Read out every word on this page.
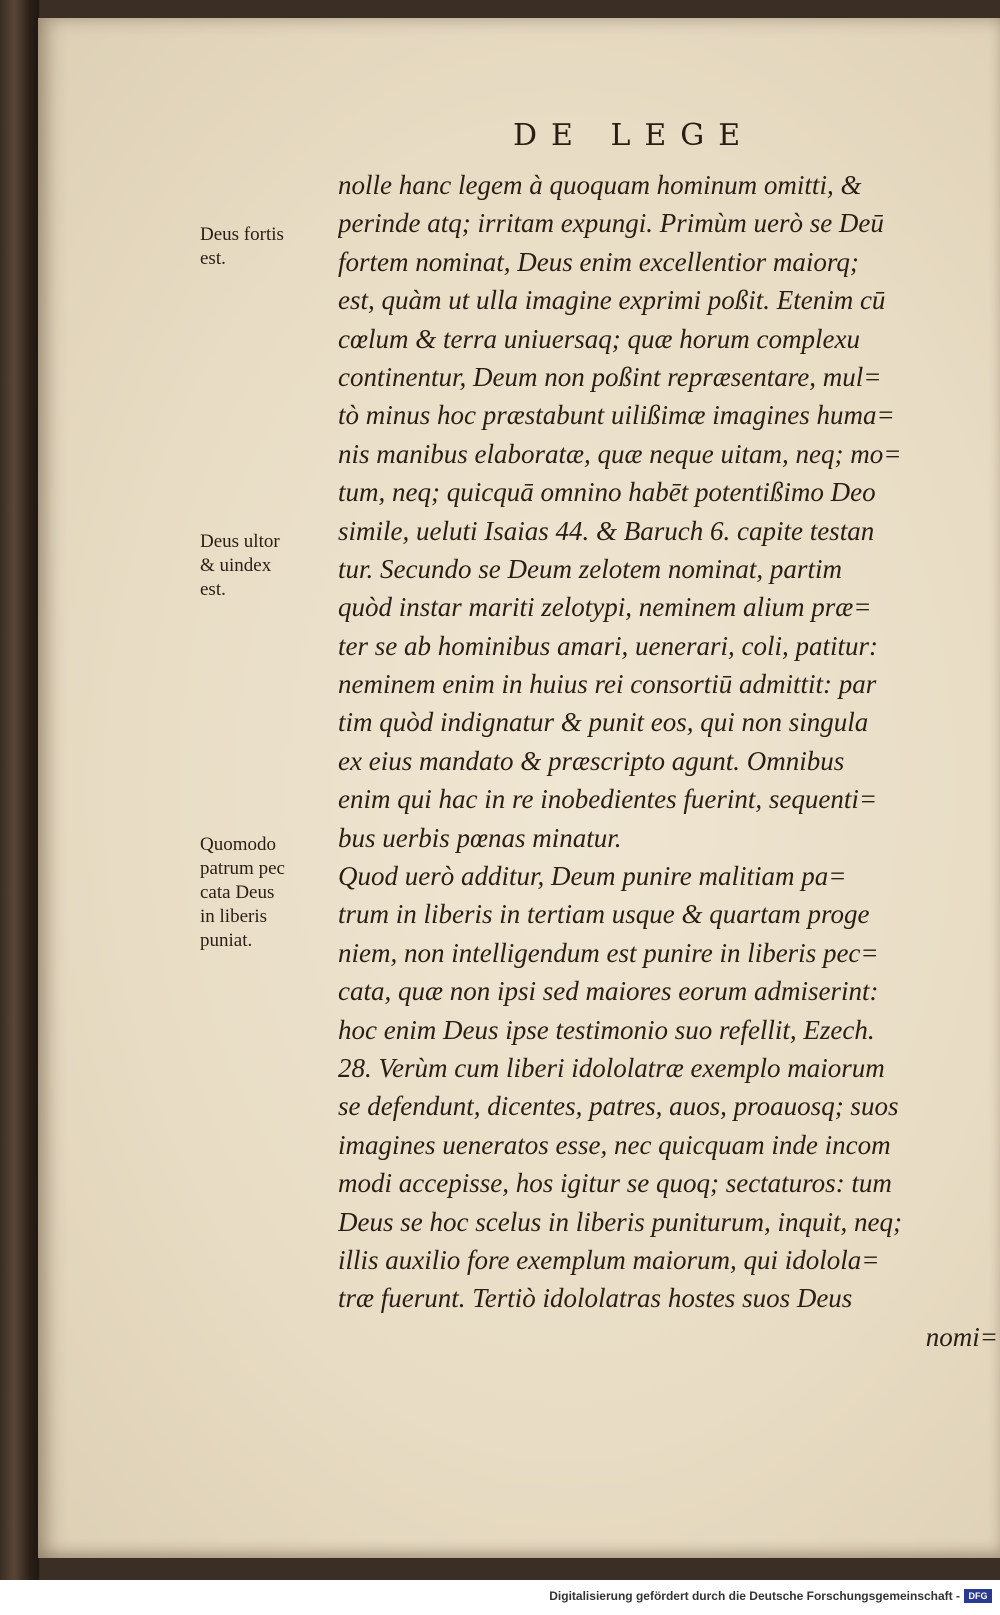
DE LEGE
nolle hanc legem à quoquam hominum omitti, &
perinde atq; irritam expungi. Primùm uerò se Deū
fortem nominat, Deus enim excellentior maiorq;
est, quàm ut ulla imagine exprimi poßit. Etenim cū
cœlum & terra uniuersaq; quæ horum complexu
continentur, Deum non poßint repræsentare, mul=
tò minus hoc præstabunt uilißimæ imagines huma=
nis manibus elaboratæ, quæ neque uitam, neq; mo=
tum, neq; quicquā omnino habēt potentißimo Deo
simile, ueluti Isaias 44. & Baruch 6. capite testan
tur. Secundo se Deum zelotem nominat, partim
quòd instar mariti zelotypi, neminem alium præ=
ter se ab hominibus amari, uenerari, coli, patitur:
neminem enim in huius rei consortiū admittit: par
tim quòd indignatur & punit eos, qui non singula
ex eius mandato & præscripto agunt. Omnibus
enim qui hac in re inobedientes fuerint, sequenti=
bus uerbis pœnas minatur.
Quod uerò additur, Deum punire malitiam pa=
trum in liberis in tertiam usque & quartam proge
niem, non intelligendum est punire in liberis pec=
cata, quæ non ipsi sed maiores eorum admiserint:
hoc enim Deus ipse testimonio suo refellit, Ezech.
28. Verùm cum liberi idololatræ exemplo maiorum
se defendunt, dicentes, patres, auos, proauosq; suos
imagines ueneratos esse, nec quicquam inde incom
modi accepisse, hos igitur se quoq; sectaturos: tum
Deus se hoc scelus in liberis puniturum, inquit, neq;
illis auxilio fore exemplum maiorum, qui idolola=
træ fuerunt. Tertiò idololatras hostes suos Deus
nomi=
Deus fortis
est.
Deus ultor
& uindex
est.
Quomodo
patrum pec
cata Deus
in liberis
puniat.
Digitalisierung gefördert durch die Deutsche Forschungsgemeinschaft - DFG
